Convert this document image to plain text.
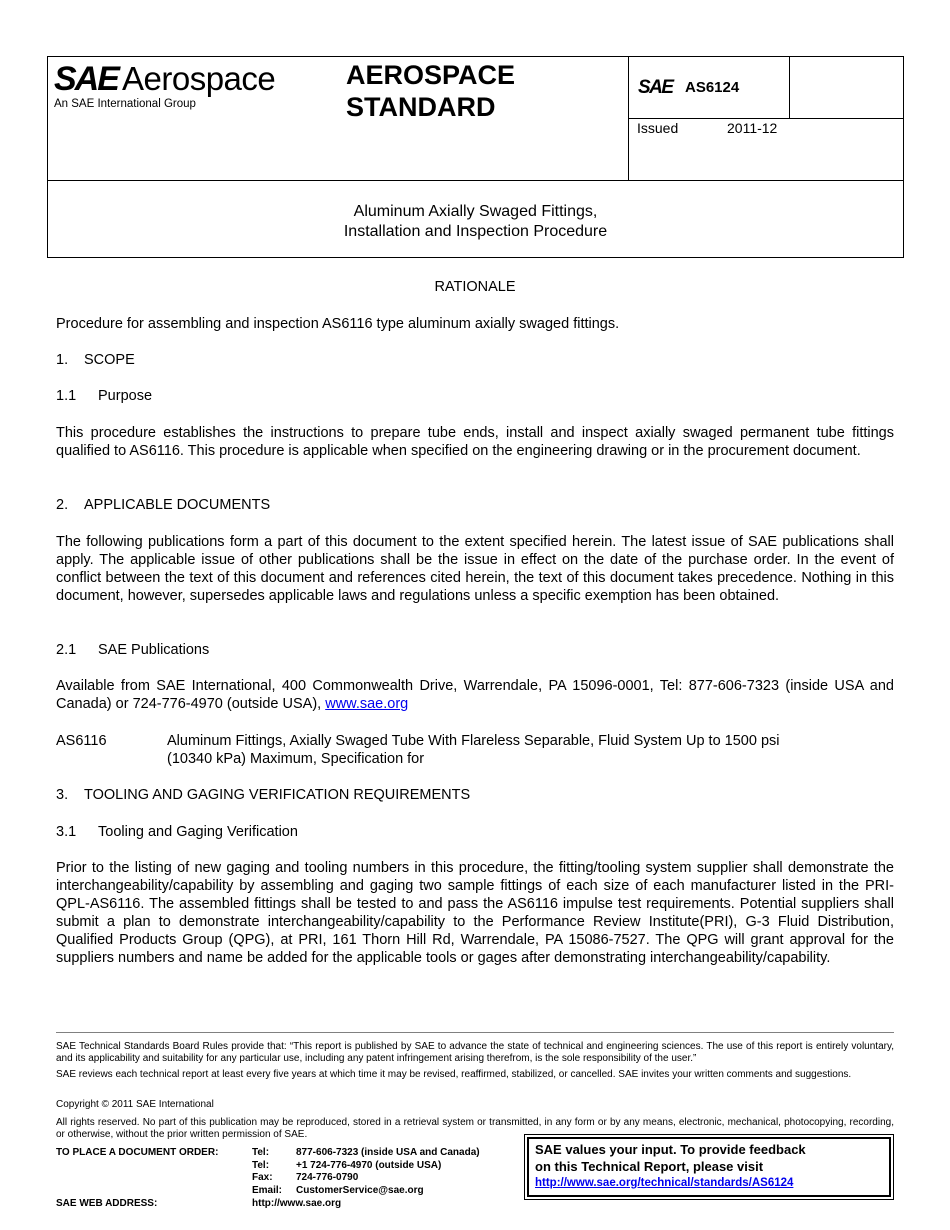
SAE Aerospace
An SAE International Group
AEROSPACE
STANDARD
SAE AS6124
Issued	2011-12
Aluminum Axially Swaged Fittings,
Installation and Inspection Procedure

RATIONALE

Procedure for assembling and inspection AS6116 type aluminum axially swaged fittings.

1. SCOPE

1.1 Purpose

This procedure establishes the instructions to prepare tube ends, install and inspect axially swaged permanent tube fittings qualified to AS6116. This procedure is applicable when specified on the engineering drawing or in the procurement document.

2. APPLICABLE DOCUMENTS

The following publications form a part of this document to the extent specified herein. The latest issue of SAE publications shall apply. The applicable issue of other publications shall be the issue in effect on the date of the purchase order. In the event of conflict between the text of this document and references cited herein, the text of this document takes precedence. Nothing in this document, however, supersedes applicable laws and regulations unless a specific exemption has been obtained.

2.1 SAE Publications

Available from SAE International, 400 Commonwealth Drive, Warrendale, PA 15096-0001, Tel: 877-606-7323 (inside USA and Canada) or 724-776-4970 (outside USA), www.sae.org

AS6116	Aluminum Fittings, Axially Swaged Tube With Flareless Separable, Fluid System Up to 1500 psi
(10340 kPa) Maximum, Specification for

3. TOOLING AND GAGING VERIFICATION REQUIREMENTS

3.1 Tooling and Gaging Verification

Prior to the listing of new gaging and tooling numbers in this procedure, the fitting/tooling system supplier shall demonstrate the interchangeability/capability by assembling and gaging two sample fittings of each size of each manufacturer listed in the PRI-QPL-AS6116. The assembled fittings shall be tested to and pass the AS6116 impulse test requirements. Potential suppliers shall submit a plan to demonstrate interchangeability/capability to the Performance Review Institute(PRI), G-3 Fluid Distribution, Qualified Products Group (QPG), at PRI, 161 Thorn Hill Rd, Warrendale, PA 15086-7527. The QPG will grant approval for the suppliers numbers and name be added for the applicable tools or gages after demonstrating interchangeability/capability.

SAE Technical Standards Board Rules provide that: “This report is published by SAE to advance the state of technical and engineering sciences. The use of this report is entirely voluntary, and its applicability and suitability for any particular use, including any patent infringement arising therefrom, is the sole responsibility of the user.”

SAE reviews each technical report at least every five years at which time it may be revised, reaffirmed, stabilized, or cancelled. SAE invites your written comments and suggestions.

Copyright © 2011 SAE International

All rights reserved. No part of this publication may be reproduced, stored in a retrieval system or transmitted, in any form or by any means, electronic, mechanical, photocopying, recording, or otherwise, without the prior written permission of SAE.

TO PLACE A DOCUMENT ORDER:	Tel:	877-606-7323 (inside USA and Canada)
Tel:	+1 724-776-4970 (outside USA)
Fax: 724-776-0790
Email: CustomerService@sae.org
SAE WEB ADDRESS:	http://www.sae.org
SAE values your input. To provide feedback
on this Technical Report, please visit
http://www.sae.org/technical/standards/AS6124
